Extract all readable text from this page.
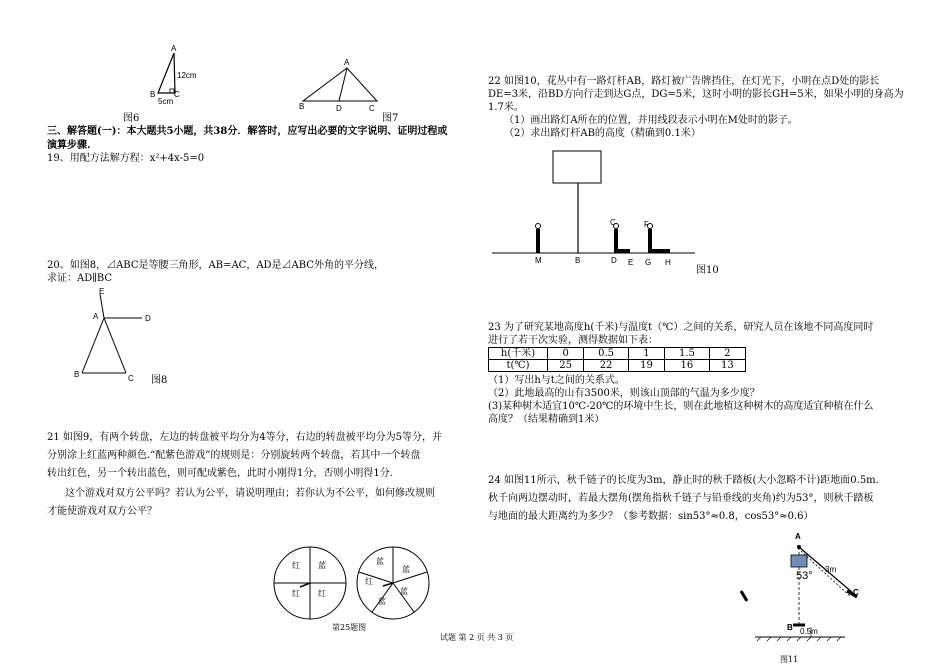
A
B C
12cm
5cm
图6
A
B	D	C
图7
三、解答题(一)：本大题共5小题，共38分．解答时，应写出必要的文字说明、证明过程或
演算步骤.
19、用配方法解方程：x²+4x-5=0
20、如图8，⊿ABC是等腰三角形，AB=AC，AD是⊿ABC外角的平分线，
求证：AD∥BC
E
A	D
B	C 图8
21 如图9，有两个转盘，左边的转盘被平均分为4等分，右边的转盘被平均分为5等分，并
分别涂上红蓝两种颜色.“配紫色游戏”的规则是：分别旋转两个转盘，若其中一个转盘
转出红色，另一个转出蓝色，则可配成紫色，此时小刚得1分，否则小明得1分.
这个游戏对双方公平吗？若认为公平，请说明理由；若你认为不公平，如何修改规则
才能使游戏对双方公平？
红 蓝
红 红
蓝
蓝
红
蓝
蓝
第25题图
试题 第 2 页 共 3 页
22 如图10，花丛中有一路灯杆AB，路灯被广告牌挡住，在灯光下，小明在点D处的影长
DE=3米，沿BD方向行走到达G点，DG=5米，这时小明的影长GH=5米，如果小明的身高为
1.7米。
（1）画出路灯A所在的位置，并用线段表示小明在M处时的影子。
（2）求出路灯杆AB的高度（精确到0.1米）
M	B	D E G H
C	F
图10
23 为了研究某地高度h(千米)与温度t（℃）之间的关系，研究人员在该地不同高度同时
进行了若干次实验，测得数据如下表：
h(千米)	0	0.5	1	1.5	2
t(℃)	25	22	19	16	13
（1）写出h与t之间的关系式。
（2）此地最高的山有3500米，则该山顶部的气温为多少度？
(3)某种树木适宜10℃-20℃的环境中生长，则在此地植这种树木的高度适宜种植在什么
高度？（结果精确到1米）
24 如图11所示，秋千链子的长度为3m，静止时的秋千踏板(大小忽略不计)距地面0.5m.
秋千向两边摆动时，若最大摆角(摆角指秋千链子与铅垂线的夹角)约为53°，则秋千踏板
与地面的最大距离约为多少？（参考数据：sin53°≈0.8，cos53°≈0.6）
A
B
C
53°
3m
0.5m
图11
